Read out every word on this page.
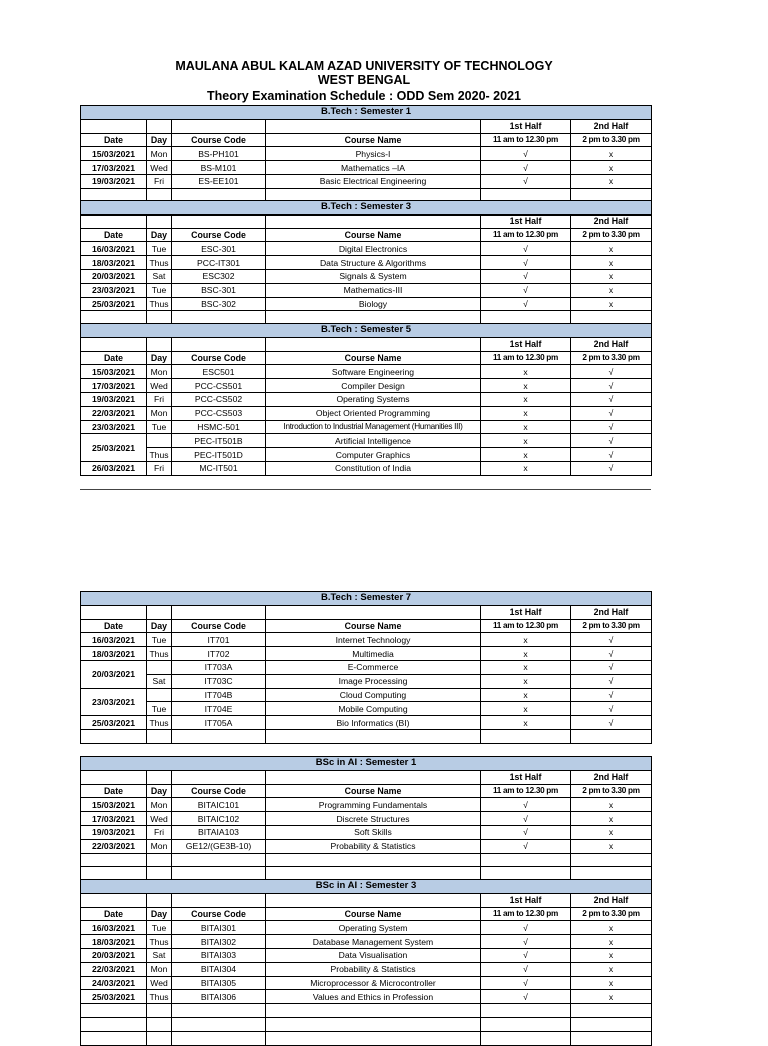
MAULANA ABUL KALAM AZAD UNIVERSITY OF TECHNOLOGY
WEST BENGAL
Theory Examination Schedule : ODD Sem 2020- 2021
B.Tech : Semester 1					
				1st Half	2nd Half
Date	Day	Course Code	Course Name	11 am to 12.30 pm	2 pm to 3.30 pm
15/03/2021	Mon	BS-PH101	Physics-I	√	x
17/03/2021	Wed	BS-M101	Mathematics –IA	√	x
19/03/2021	Fri	ES-EE101	Basic Electrical Engineering	√	x

B.Tech : Semester 3					
				1st Half	2nd Half
Date	Day	Course Code	Course Name	11 am to 12.30 pm	2 pm to 3.30 pm
16/03/2021	Tue	ESC-301	Digital Electronics	√	x
18/03/2021	Thus	PCC-IT301	Data Structure & Algorithms	√	x
20/03/2021	Sat	ESC302	Signals & System	√	x
23/03/2021	Tue	BSC-301	Mathematics-III	√	x
25/03/2021	Thus	BSC-302	Biology	√	x

B.Tech : Semester 5					
				1st Half	2nd Half
Date	Day	Course Code	Course Name	11 am to 12.30 pm	2 pm to 3.30 pm
15/03/2021	Mon	ESC501	Software Engineering	x	√
17/03/2021	Wed	PCC-CS501	Compiler Design	x	√
19/03/2021	Fri	PCC-CS502	Operating Systems	x	√
22/03/2021	Mon	PCC-CS503	Object Oriented Programming	x	√
23/03/2021	Tue	HSMC-501	Introduction to Industrial Management (Humanities III)	x	√
25/03/2021		PEC-IT501B	Artificial Intelligence	x	√
	Thus	PEC-IT501D	Computer Graphics	x	√
26/03/2021	Fri	MC-IT501	Constitution of India	x	√
B.Tech : Semester 7					
				1st Half	2nd Half
Date	Day	Course Code	Course Name	11 am to 12.30 pm	2 pm to 3.30 pm
16/03/2021	Tue	IT701	Internet Technology	x	√
18/03/2021	Thus	IT702	Multimedia	x	√
20/03/2021		IT703A	E-Commerce	x	√
	Sat	IT703C	Image Processing	x	√
23/03/2021		IT704B	Cloud Computing	x	√
	Tue	IT704E	Mobile Computing	x	√
25/03/2021	Thus	IT705A	Bio Informatics (BI)	x	√

BSc in AI : Semester 1					
				1st Half	2nd Half
Date	Day	Course Code	Course Name	11 am to 12.30 pm	2 pm to 3.30 pm
15/03/2021	Mon	BITAIC101	Programming Fundamentals	√	x
17/03/2021	Wed	BITAIC102	Discrete Structures	√	x
19/03/2021	Fri	BITAIA103	Soft Skills	√	x
22/03/2021	Mon	GE12/(GE3B-10)	Probability & Statistics	√	x

BSc in AI : Semester 3					
				1st Half	2nd Half
Date	Day	Course Code	Course Name	11 am to 12.30 pm	2 pm to 3.30 pm
16/03/2021	Tue	BITAI301	Operating System	√	x
18/03/2021	Thus	BITAI302	Database Management System	√	x
20/03/2021	Sat	BITAI303	Data Visualisation	√	x
22/03/2021	Mon	BITAI304	Probability & Statistics	√	x
24/03/2021	Wed	BITAI305	Microprocessor & Microcontroller	√	x
25/03/2021	Thus	BITAI306	Values and Ethics in Profession	√	x
